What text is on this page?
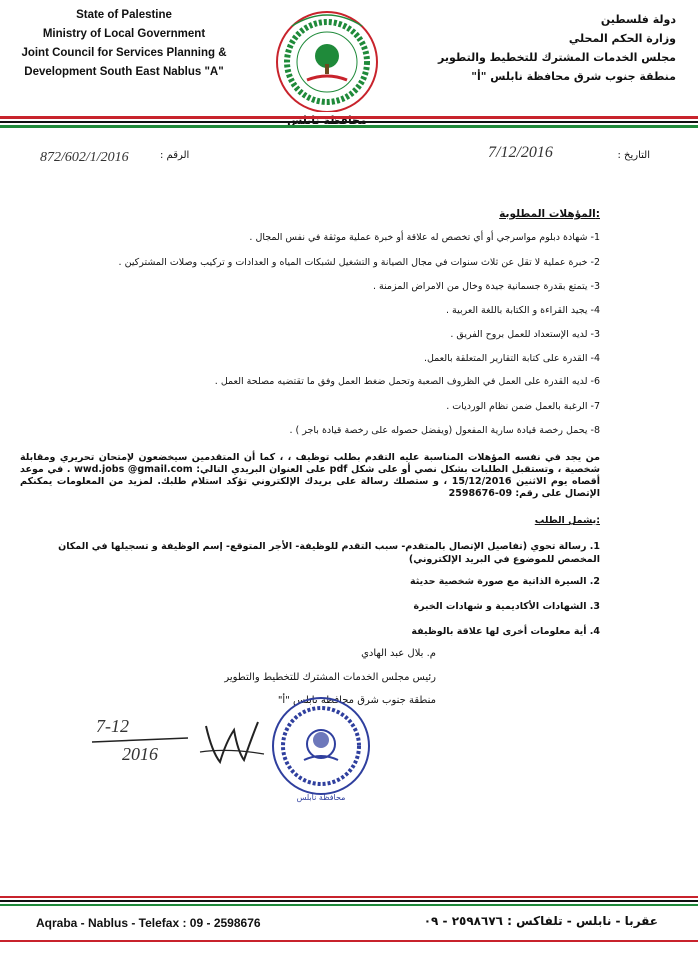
State of Palestine
Ministry of Local Government
Joint Council for Services Planning &
Development South East Nablus "A"
دولة فلسطين
وزارة الحكم المحلي
مجلس الخدمات المشترك للتخطيط والتطوير
منطقة جنوب شرق محافظة نابلس "أ"
872/602/1/2016	الرقم :	7/12/2016	التاريخ :
المؤهلات المطلوبة:
1- شهادة دبلوم مواسرجي أو أي تخصص له علاقة أو خبرة عملية موثقة في نفس المجال .
2- خبرة عملية لا تقل عن ثلاث سنوات في مجال الصيانة و التشغيل لشبكات المياه و العدادات و تركيب وصلات المشتركين .
3- يتمتع بقدرة جسمانية جيدة وخال من الامراض المزمنة .
4- يجيد القراءة و الكتابة باللغة العربية .
3- لديه الإستعداد للعمل بروح الفريق .
4- القدرة على كتابة التقارير المتعلقة بالعمل.
6- لديه القدرة على العمل في الظروف الصعبة وتحمل ضغط العمل وفق ما تقتضيه مصلحة العمل .
7- الرغبة بالعمل ضمن نظام الورديات .
8- يحمل رخصة قيادة سارية المفعول (ويفضل حصوله على رخصة قيادة باجر ) .
من يجد في نفسه المؤهلات المناسبة عليه التقدم بطلب توظيف ، ، كما أن المتقدمين سيخضعون لإمتحان تحريري ومقابلة شخصية ، وتستقبل الطلبات بشكل نصي أو على شكل pdf على العنوان البريدي التالي: wwd.jobs @gmail.com . في موعد أقصاه يوم الاثنين 15/12/2016 ، و ستصلك رسالة على بريدك الإلكتروني تؤكد استلام طلبك. لمزيد من المعلومات يمكنكم الإتصال على رقم: 09-2598676
يشمل الطلب:
1. رسالة تحوي (تفاصيل الإتصال بالمتقدم- سبب التقدم للوظيفة- الأجر المتوقع- إسم الوظيفة و تسجيلها في المكان المخصص للموضوع في البريد الإلكتروني)
2. السيرة الذاتية مع صورة شخصية حديثة
3. الشهادات الأكاديمية و شهادات الخبرة
4. أية معلومات أخرى لها علاقة بالوظيفة
م. بلال عبد الهادي
رئيس مجلس الخدمات المشترك للتخطيط والتطوير
منطقة جنوب شرق محافظة نابلس "أ"
7-12
2016
محافظة نابلس
Aqraba - Nablus - Telefax : 09 - 2598676	عقربا - نابلس - تلفاكس : ٢٥٩٨٦٧٦ - ٠٩
